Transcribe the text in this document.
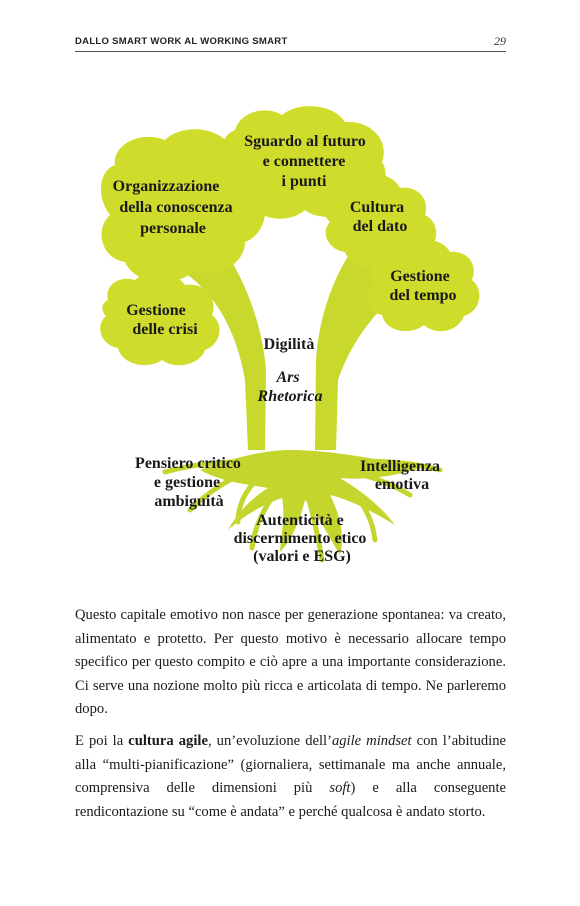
DALLO SMART WORK AL WORKING SMART	29
Organizzazione della conoscenza personale
Sguardo al futuro e connettere i punti
Cultura del dato
Gestione del tempo
Gestione delle crisi
Digilità
Ars Rhetorica
Pensiero critico e gestione ambiguità
Intelligenza emotiva
Autenticità e discernimento etico (valori e ESG)

Questo capitale emotivo non nasce per generazione spontanea: va creato, alimentato e protetto. Per questo motivo è necessario allocare tempo specifico per questo compito e ciò apre a una importante considerazione. Ci serve una nozione molto più ricca e articolata di tempo. Ne parleremo dopo.

E poi la cultura agile, un’evoluzione dell’agile mindset con l’abitudine alla “multi-pianificazione” (giornaliera, settimanale ma anche annuale, comprensiva delle dimensioni più soft) e alla conseguente rendicontazione su “come è andata” e perché qualcosa è andato storto.
